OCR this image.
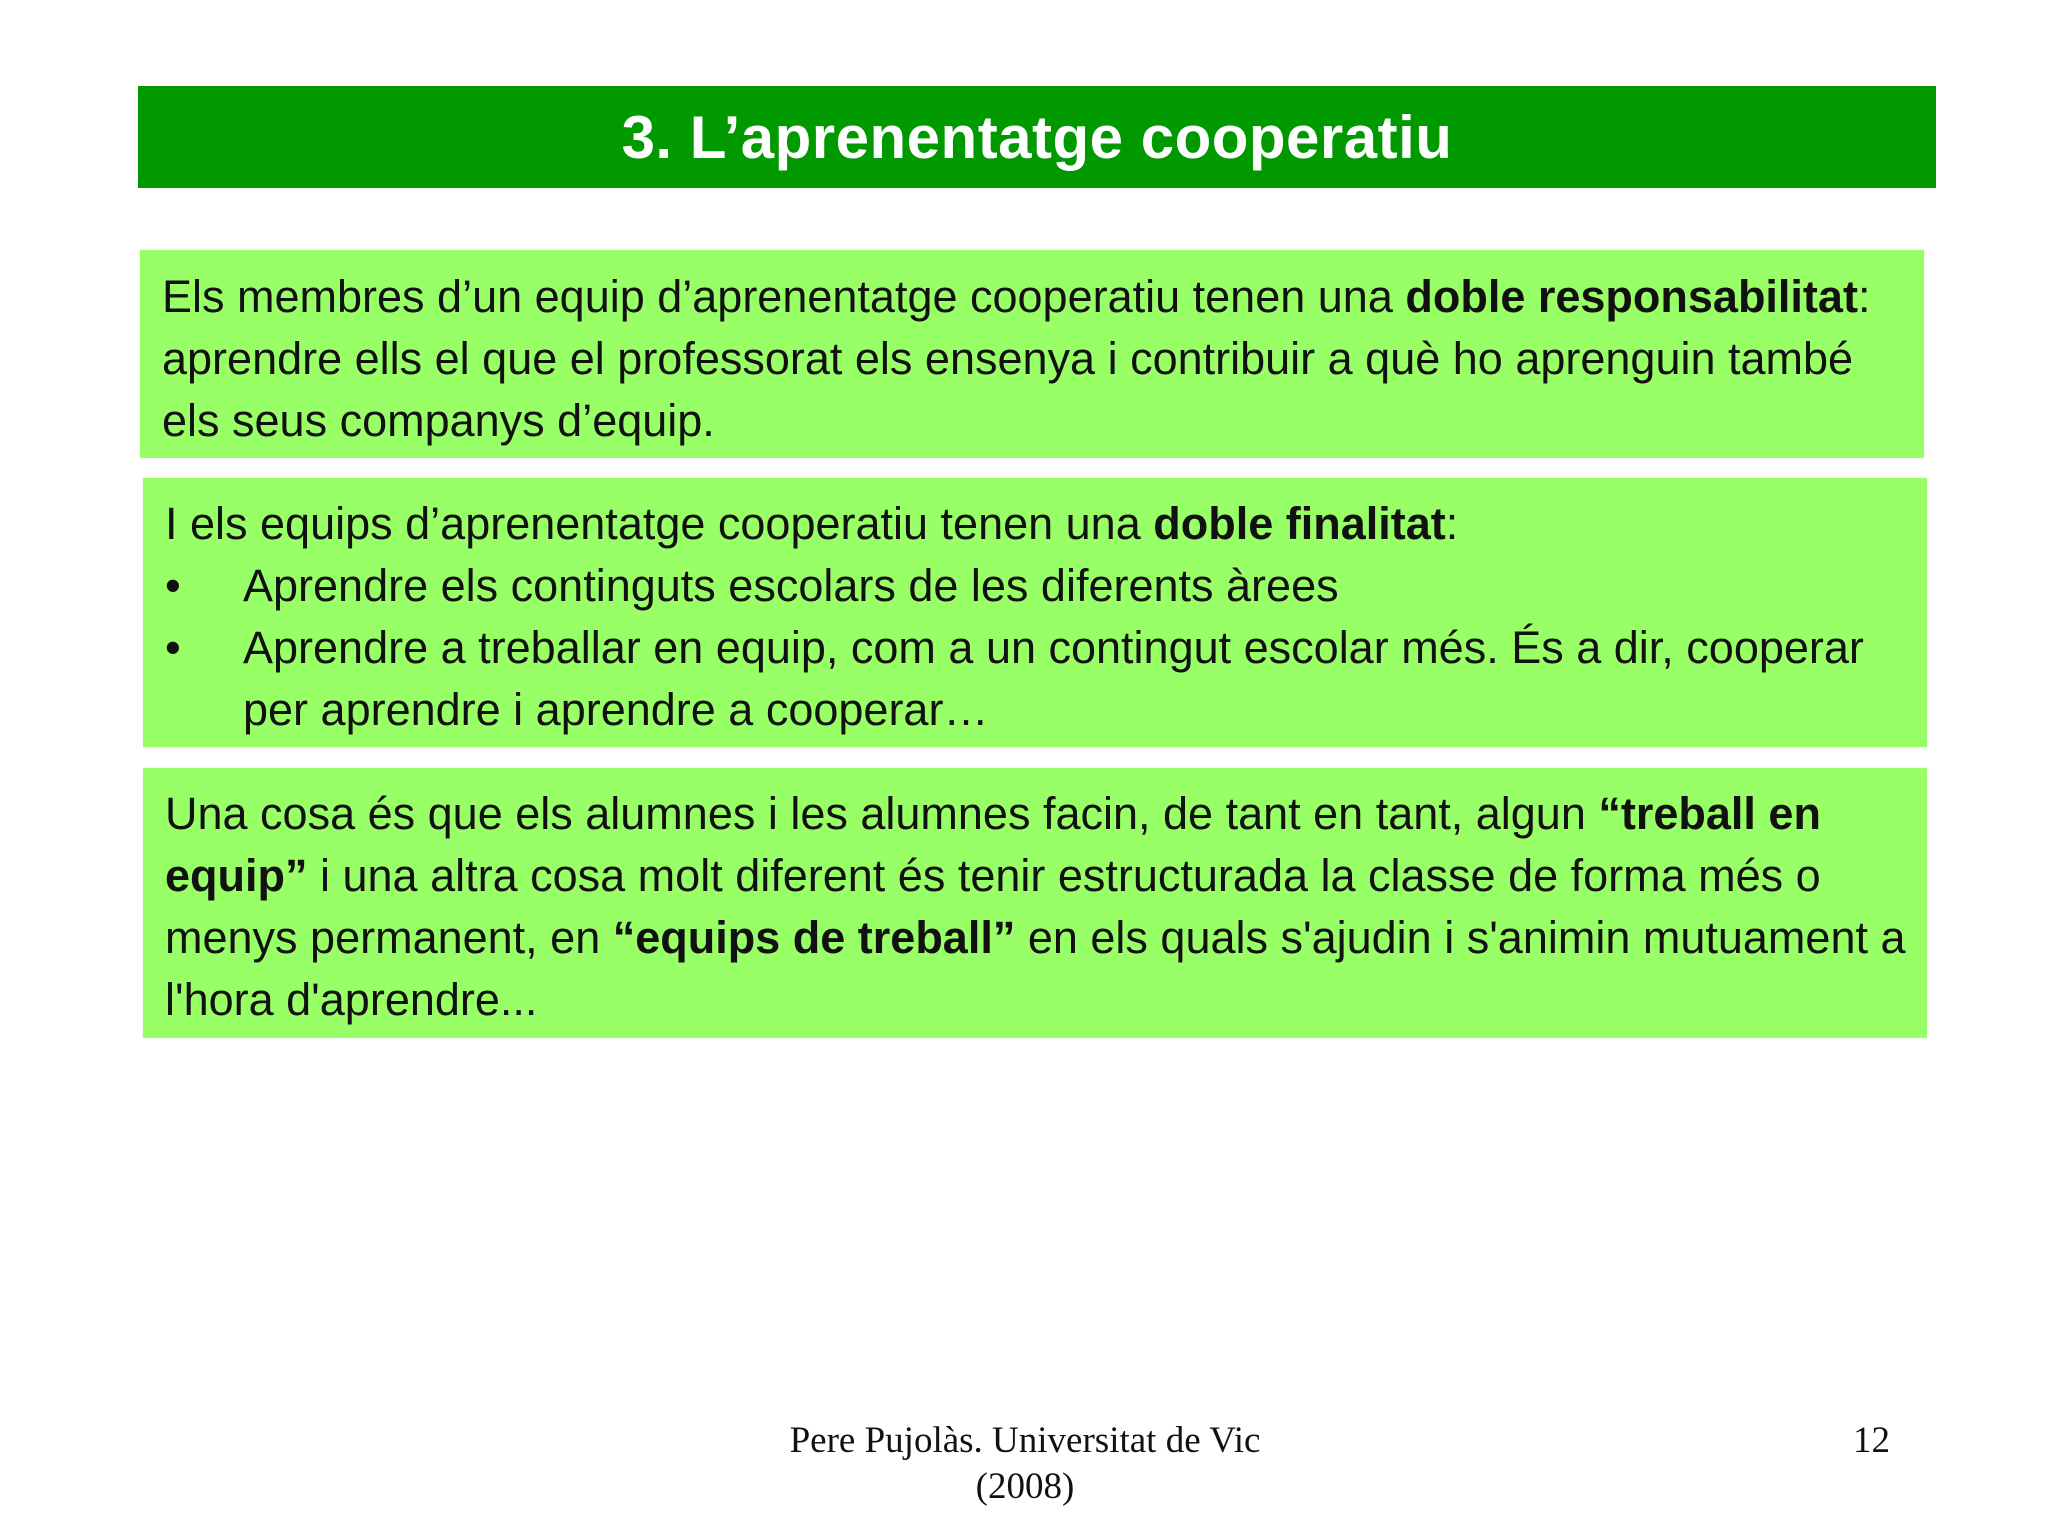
3. L’aprenentatge cooperatiu

Els membres d’un equip d’aprenentatge cooperatiu tenen una doble responsabilitat: aprendre ells el que el professorat els ensenya i contribuir a què ho aprenguin també els seus companys d’equip.

I els equips d’aprenentatge cooperatiu tenen una doble finalitat:

•	Aprendre els continguts escolars de les diferents àrees
•	Aprendre a treballar en equip, com a un contingut escolar més. És a dir, cooperar per aprendre i aprendre a cooperar…

Una cosa és que els alumnes i les alumnes facin, de tant en tant, algun “treball en equip” i una altra cosa molt diferent és tenir estructurada la classe de forma més o menys permanent, en “equips de treball” en els quals s'ajudin i s'animin mutuament a l'hora d'aprendre...

Pere Pujolàs. Universitat de Vic
(2008)
12
